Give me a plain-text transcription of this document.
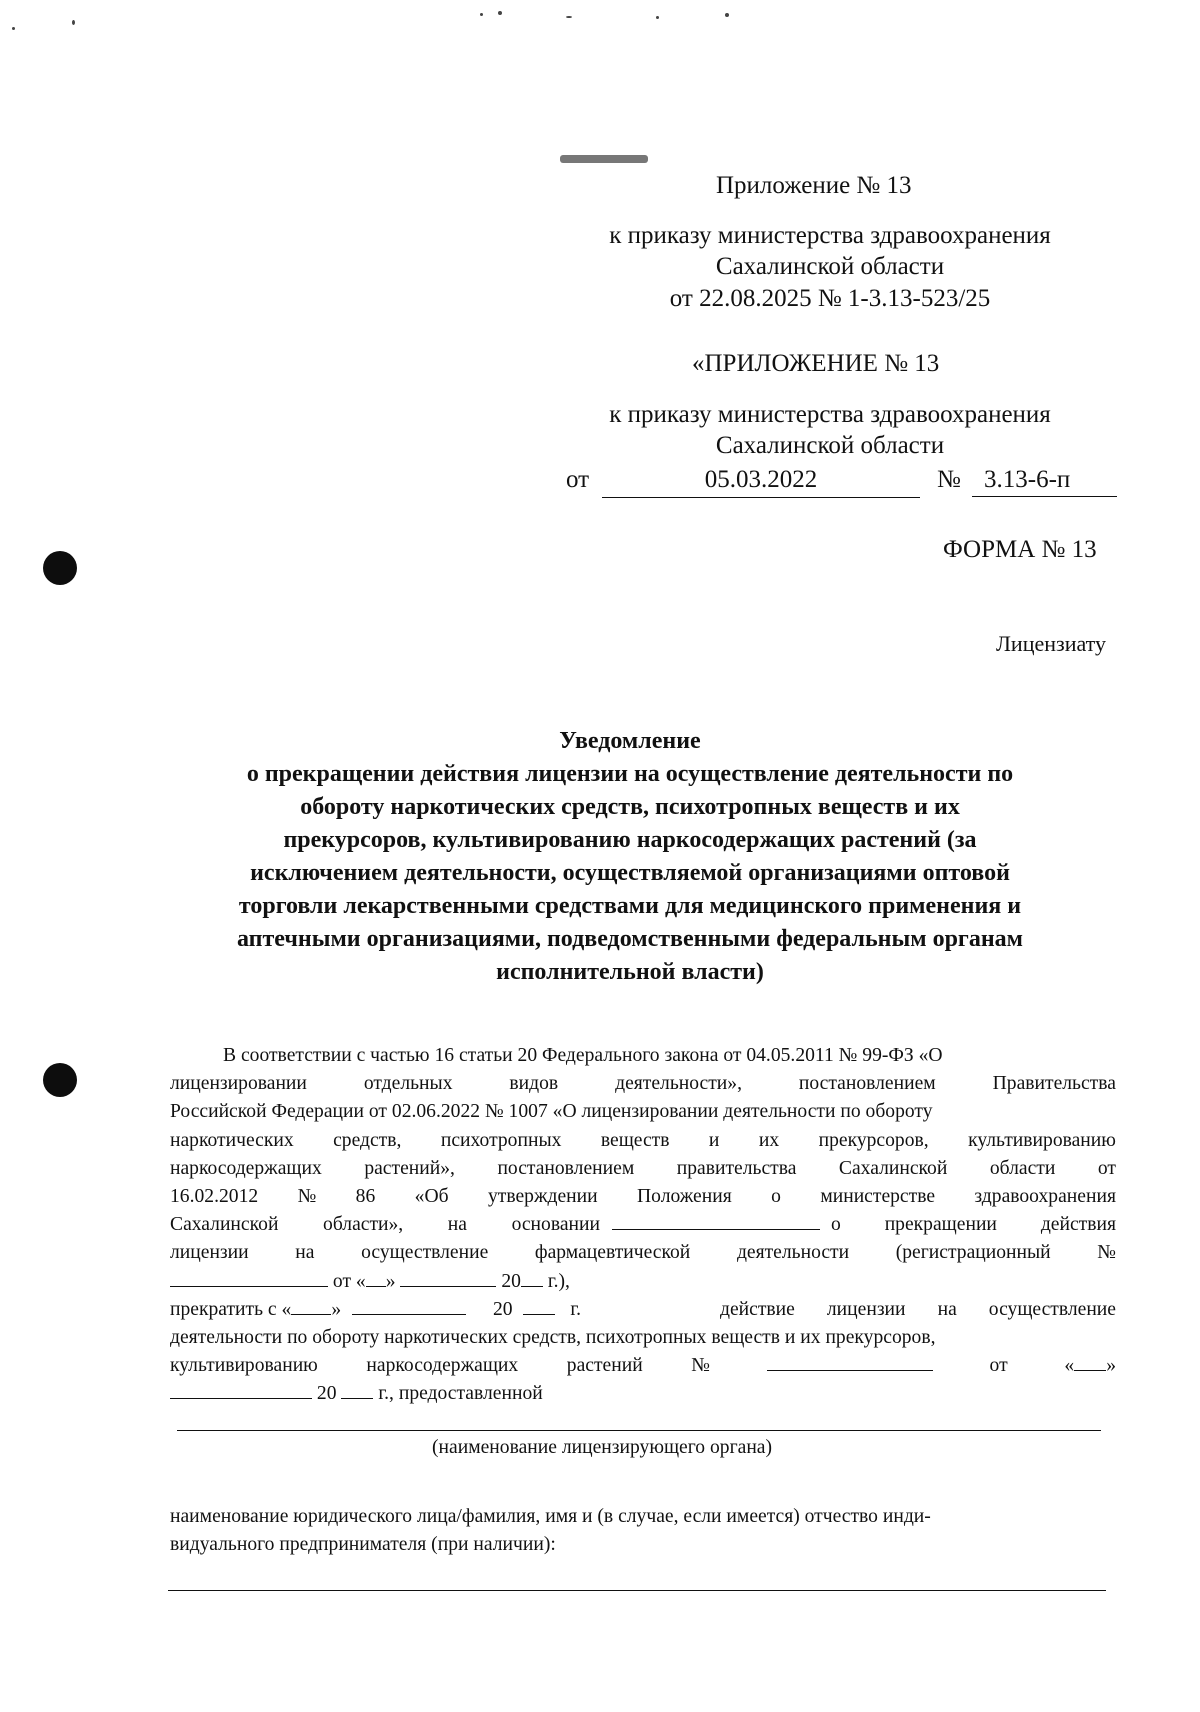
Приложение № 13
к приказу министерства здравоохранения
Сахалинской области
от 22.08.2025 № 1-3.13-523/25
«ПРИЛОЖЕНИЕ № 13
к приказу министерства здравоохранения
Сахалинской области
от	05.03.2022	№ 3.13-6-п
ФОРМА № 13
Лицензиату
Уведомление
о прекращении действия лицензии на осуществление деятельности по
обороту наркотических средств, психотропных веществ и их
прекурсоров, культивированию наркосодержащих растений (за
исключением деятельности, осуществляемой организациями оптовой
торговли лекарственными средствами для медицинского применения и
аптечными организациями, подведомственными федеральным органам
исполнительной власти)
В соответствии с частью 16 статьи 20 Федерального закона от 04.05.2011 № 99-ФЗ «О
лицензировании	отдельных	видов	деятельности»,	постановлением	Правительства
Российской Федерации от 02.06.2022 № 1007 «О лицензировании деятельности по обороту
наркотических средств, психотропных веществ и их прекурсоров, культивированию
наркосодержащих растений», постановлением правительства Сахалинской области от
16.02.2012 № 86 «Об утверждении Положения о министерстве здравоохранения
Сахалинской области», на основании	о прекращении действия
лицензии на осуществление фармацевтической деятельности (регистрационный №
от « »	20 г.),
прекратить с « »	20	г.	действие лицензии на осуществление
деятельности по обороту наркотических средств, психотропных веществ и их прекурсоров,
культивированию наркосодержащих растений №	от	« »
20 г., предоставленной
(наименование лицензирующего органа)
наименование юридического лица/фамилия, имя и (в случае, если имеется) отчество инди-
видуального предпринимателя (при наличии):
